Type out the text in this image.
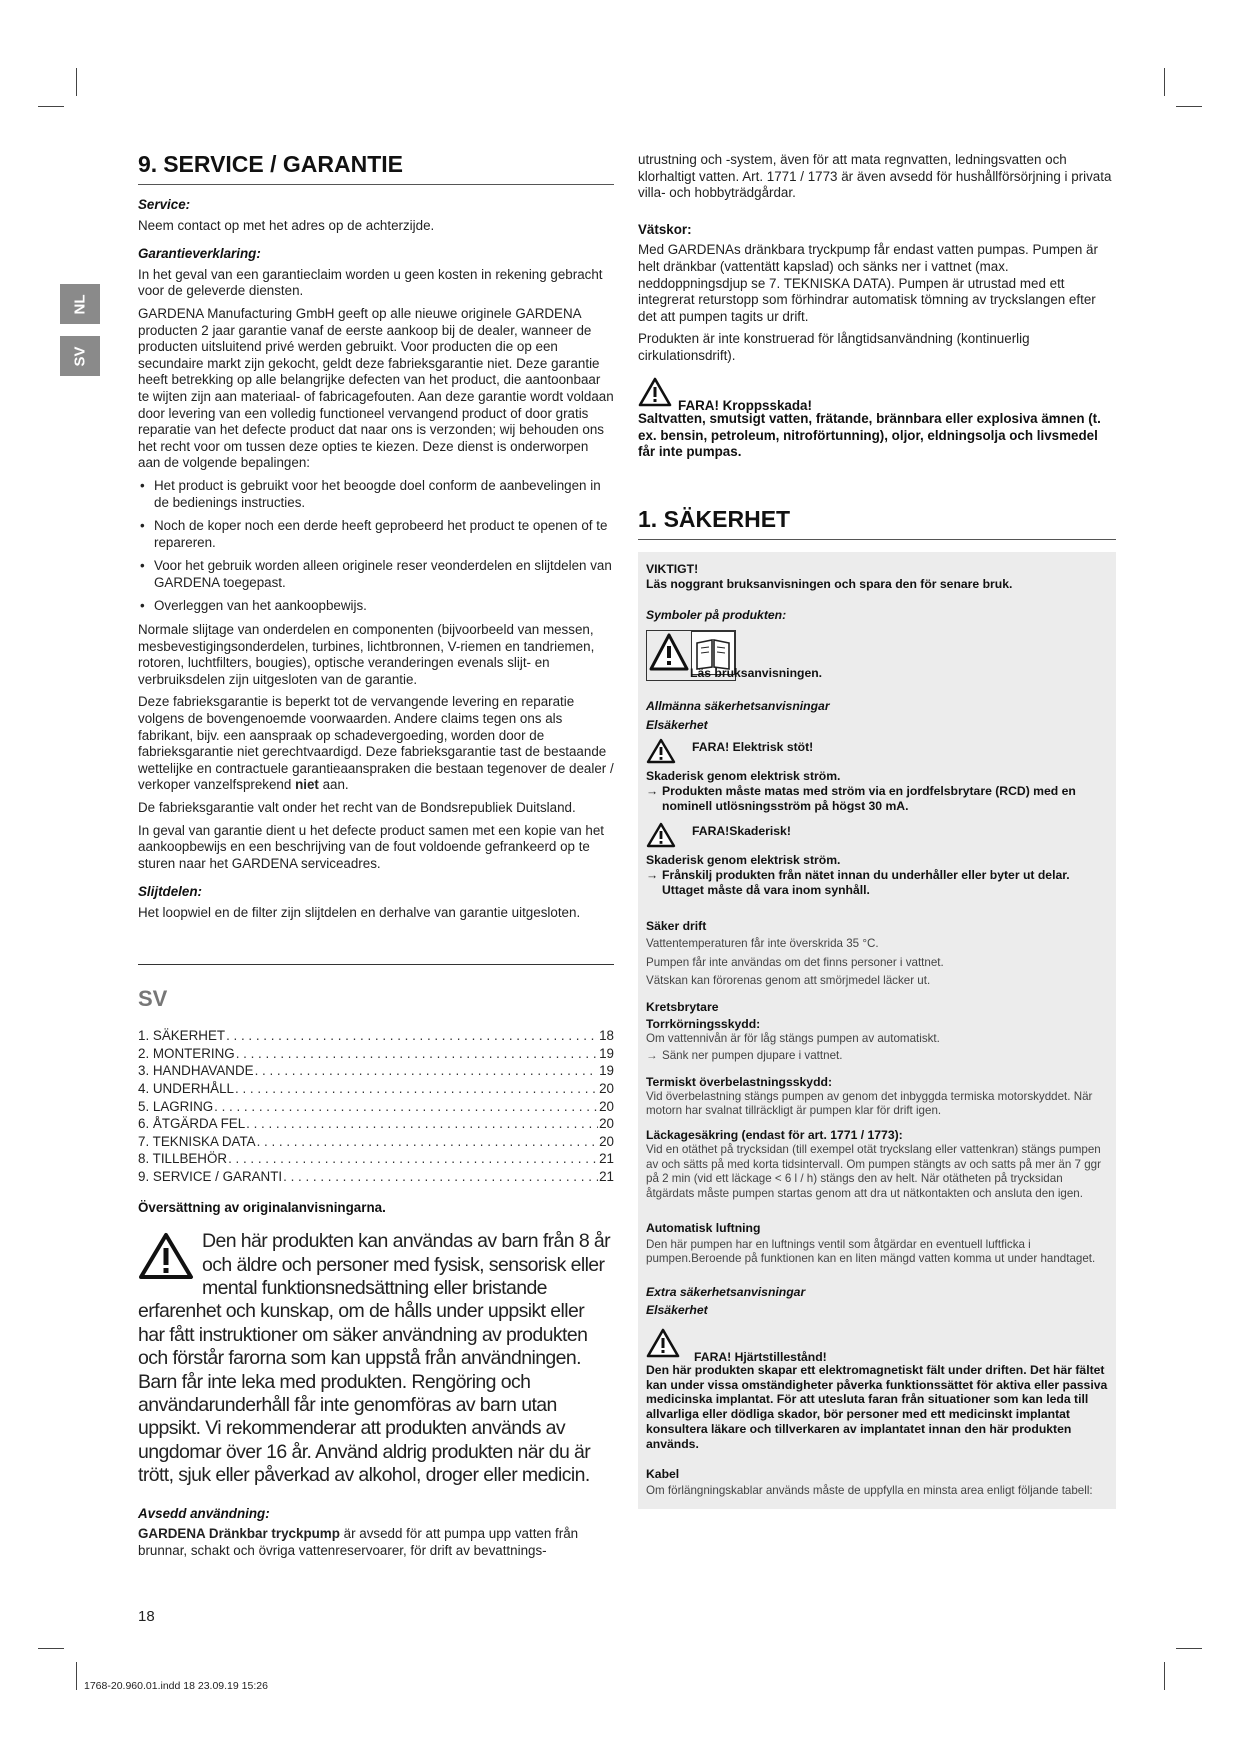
NL
SV
9. SERVICE / GARANTIE
Service:

Neem contact op met het adres op de achterzijde.

Garantieverklaring:

In het geval van een garantieclaim worden u geen kosten in rekening gebracht voor de geleverde diensten.

GARDENA Manufacturing GmbH geeft op alle nieuwe originele GARDENA producten 2 jaar garantie vanaf de eerste aankoop bij de dealer, wanneer de producten uitsluitend privé werden gebruikt. Voor producten die op een secundaire markt zijn gekocht, geldt deze fabrieksgarantie niet. Deze garantie heeft betrekking op alle belangrijke defecten van het product, die aantoonbaar te wijten zijn aan materiaal- of fabricagefouten. Aan deze garantie wordt voldaan door levering van een volledig functioneel vervangend product of door gratis reparatie van het defecte product dat naar ons is verzonden; wij behouden ons het recht voor om tussen deze opties te kiezen. Deze dienst is onderworpen aan de volgende bepalingen:

• Het product is gebruikt voor het beoogde doel conform de aanbevelingen in de bedienings instructies.
• Noch de koper noch een derde heeft geprobeerd het product te openen of te repareren.
• Voor het gebruik worden alleen originele reser veonderdelen en slijtdelen van GARDENA toegepast.
• Overleggen van het aankoopbewijs.

Normale slijtage van onderdelen en componenten (bijvoorbeeld van messen, mesbevestigingsonderdelen, turbines, lichtbronnen, V-riemen en tandriemen, rotoren, luchtfilters, bougies), optische veranderingen evenals slijt- en verbruiksdelen zijn uitgesloten van de garantie.

Deze fabrieksgarantie is beperkt tot de vervangende levering en reparatie volgens de bovengenoemde voorwaarden. Andere claims tegen ons als fabrikant, bijv. een aanspraak op schadevergoeding, worden door de fabrieksgarantie niet gerechtvaardigd. Deze fabrieksgarantie tast de bestaande wettelijke en contractuele garantieaanspraken die bestaan tegenover de dealer / verkoper vanzelfsprekend niet aan.

De fabrieksgarantie valt onder het recht van de Bondsrepubliek Duitsland.

In geval van garantie dient u het defecte product samen met een kopie van het aankoopbewijs en een beschrijving van de fout voldoende gefrankeerd op te sturen naar het GARDENA serviceadres.

Slijtdelen:

Het loopwiel en de filter zijn slijtdelen en derhalve van garantie uitgesloten.

SV
1. SÄKERHET . . .	18
2. MONTERING . . .	19
3. HANDHAVANDE . . .	19
4. UNDERHÅLL . . .	20
5. LAGRING . . .	20
6. ÅTGÄRDA FEL . . .	20
7. TEKNISKA DATA . . .	20
8. TILLBEHÖR . . .	21
9. SERVICE / GARANTI . . .	21

Översättning av originalanvisningarna.

Den här produkten kan användas av barn från 8 år och äldre och personer med fysisk, sensorisk eller mental funktionsnedsättning eller bristande erfarenhet och kunskap, om de hålls under uppsikt eller har fått instruktioner om säker användning av produkten och förstår farorna som kan uppstå från användningen. Barn får inte leka med produkten. Rengöring och användarunderhåll får inte genomföras av barn utan uppsikt. Vi rekommenderar att produkten används av ungdomar över 16 år. Använd aldrig produkten när du är trött, sjuk eller påverkad av alkohol, droger eller medicin.
Avsedd användning:

GARDENA Dränkbar tryckpump är avsedd för att pumpa upp vatten från brunnar, schakt och övriga vattenreservoarer, för drift av bevattnings-

utrustning och -system, även för att mata regnvatten, ledningsvatten och klorhaltigt vatten. Art. 1771 / 1773 är även avsedd för hushållförsörjning i privata villa- och hobbyträdgårdar.

Vätskor:

Med GARDENAs dränkbara tryckpump får endast vatten pumpas. Pumpen är helt dränkbar (vattentätt kapslad) och sänks ner i vattnet (max. neddoppningsdjup se 7. TEKNISKA DATA). Pumpen är utrustad med ett integrerat returstopp som förhindrar automatisk tömning av tryckslangen efter det att pumpen tagits ur drift.

Produkten är inte konstruerad för långtidsanvändning (kontinuerlig cirkulationsdrift).

FARA! Kroppsskada!

Saltvatten, smutsigt vatten, frätande, brännbara eller explosiva ämnen (t. ex. bensin, petroleum, nitroförtunning), oljor, eldningsolja och livsmedel får inte pumpas.

1. SÄKERHET
VIKTIGT!
Läs noggrant bruksanvisningen och spara den för senare bruk.
Symboler på produkten:
Läs bruksanvisningen.
Allmänna säkerhetsanvisningar
Elsäkerhet
FARA! Elektrisk stöt!
Skaderisk genom elektrisk ström.
→ Produkten måste matas med ström via en jordfelsbrytare (RCD) med en nominell utlösningsström på högst 30 mA.
FARA!Skaderisk!
Skaderisk genom elektrisk ström.
→ Frånskilj produkten från nätet innan du underhåller eller byter ut delar. Uttaget måste då vara inom synhåll.
Säker drift
Vattentemperaturen får inte överskrida 35 °C.
Pumpen får inte användas om det finns personer i vattnet.
Vätskan kan förorenas genom att smörjmedel läcker ut.
Kretsbrytare
Torrkörningsskydd:
Om vattennivån är för låg stängs pumpen av automatiskt.
→ Sänk ner pumpen djupare i vattnet.
Termiskt överbelastningsskydd:
Vid överbelastning stängs pumpen av genom det inbyggda termiska motorskyddet. När motorn har svalnat tillräckligt är pumpen klar för drift igen.
Läckagesäkring (endast för art. 1771 / 1773):
Vid en otäthet på trycksidan (till exempel otät tryckslang eller vattenkran) stängs pumpen av och sätts på med korta tidsintervall. Om pumpen stängts av och satts på mer än 7 ggr på 2 min (vid ett läckage < 6 l / h) stängs den av helt. När otätheten på trycksidan åtgärdats måste pumpen startas genom att dra ut nätkontakten och ansluta den igen.
Automatisk luftning
Den här pumpen har en luftnings ventil som åtgärdar en eventuell luftficka i pumpen.Beroende på funktionen kan en liten mängd vatten komma ut under handtaget.
Extra säkerhetsanvisningar
Elsäkerhet
FARA! Hjärtstillestånd!
Den här produkten skapar ett elektromagnetiskt fält under driften. Det här fältet kan under vissa omständigheter påverka funktionssättet för aktiva eller passiva medicinska implantat. För att utesluta faran från situationer som kan leda till allvarliga eller dödliga skador, bör personer med ett medicinskt implantat konsultera läkare och tillverkaren av implantatet innan den här produkten används.
Kabel
Om förlängningskablar används måste de uppfylla en minsta area enligt följande tabell:
18
1768-20.960.01.indd 18 23.09.19 15:26
